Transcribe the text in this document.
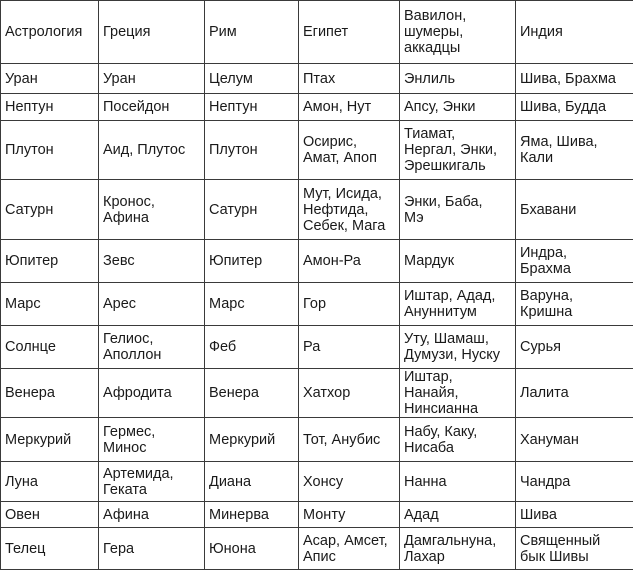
Астрология	Греция	Рим	Египет	Вавилон,
шумеры,
аккадцы	Индия
Уран	Уран	Целум	Птах	Энлиль	Шива, Брахма
Нептун	Посейдон	Нептун	Амон, Нут	Апсу, Энки	Шива, Будда
Плутон	Аид, Плутос	Плутон	Осирис,
Амат, Апоп	Тиамат,
Нергал, Энки,
Эрешкигаль	Яма, Шива,
Кали
Сатурн	Кронос,
Афина	Сатурн	Мут, Исида,
Нефтида,
Себек, Мага	Энки, Баба,
Мэ	Бхавани
Юпитер	Зевс	Юпитер	Амон-Ра	Мардук	Индра,
Брахма
Марс	Арес	Марс	Гор	Иштар, Адад,
Ануннитум	Варуна,
Кришна
Солнце	Гелиос,
Аполлон	Феб	Ра	Уту, Шамаш,
Думузи, Нуску	Сурья
Венера	Афродита	Венера	Хатхор	Иштар, Нанайя,
Нинсианна	Лалита
Меркурий	Гермес,
Минос	Меркурий	Тот, Анубис	Набу, Каку,
Нисаба	Хануман
Луна	Артемида,
Геката	Диана	Хонсу	Нанна	Чандра
Овен	Афина	Минерва	Монту	Адад	Шива
Телец	Гера	Юнона	Асар, Амсет,
Апис	Дамгальнуна,
Лахар	Священный
бык Шивы
